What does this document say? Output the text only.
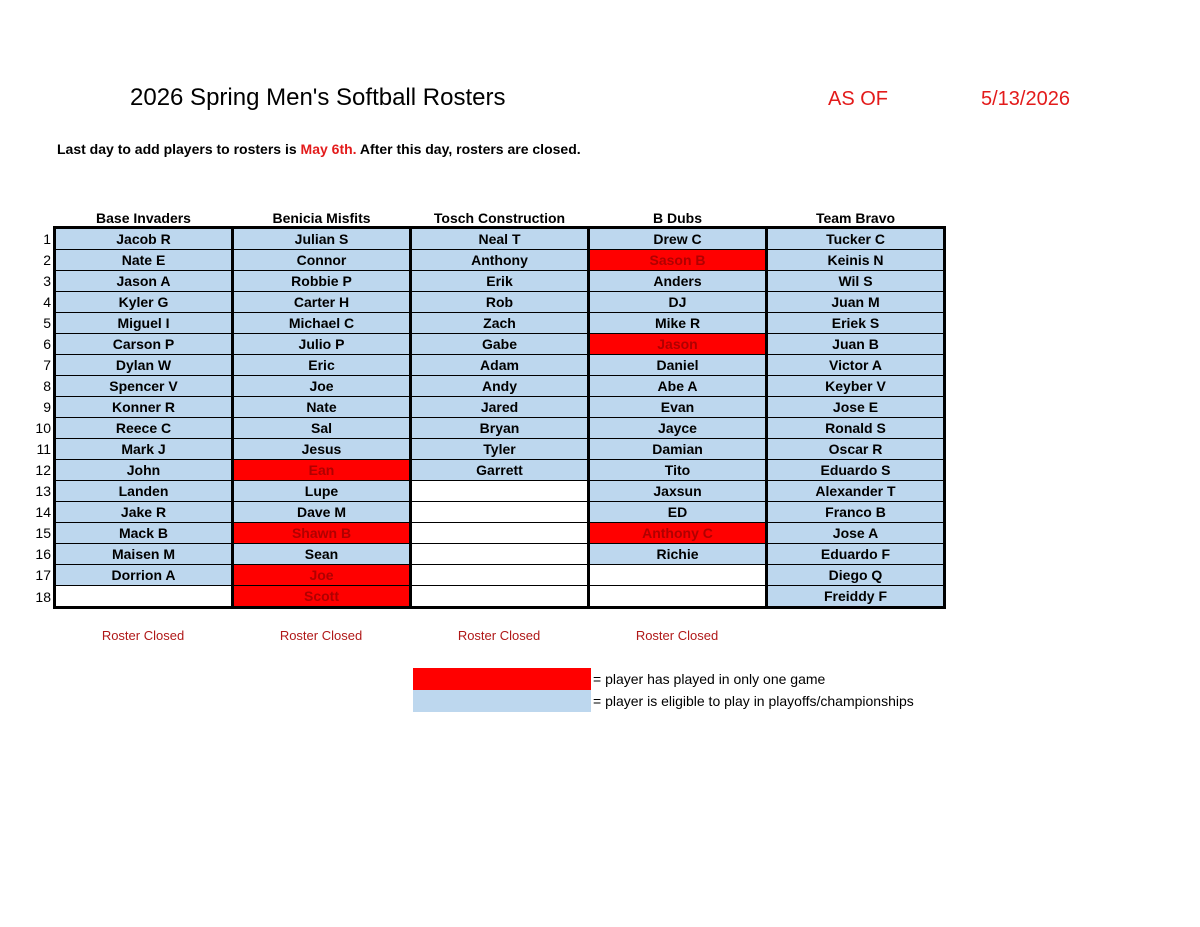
2026 Spring Men's Softball Rosters	AS OF	5/13/2026
Last day to add players to rosters is May 6th. After this day, rosters are closed.
	Base Invaders	Benicia Misfits	Tosch Construction	B Dubs	Team Bravo
1	Jacob R	Julian S	Neal T	Drew C	Tucker C
2	Nate E	Connor	Anthony	Sason B	Keinis N
3	Jason A	Robbie P	Erik	Anders	Wil S
4	Kyler G	Carter H	Rob	DJ	Juan M
5	Miguel I	Michael C	Zach	Mike R	Eriek S
6	Carson P	Julio P	Gabe	Jason	Juan B
7	Dylan W	Eric	Adam	Daniel	Victor A
8	Spencer V	Joe	Andy	Abe A	Keyber V
9	Konner R	Nate	Jared	Evan	Jose E
10	Reece C	Sal	Bryan	Jayce	Ronald S
11	Mark J	Jesus	Tyler	Damian	Oscar R
12	John	Ean	Garrett	Tito	Eduardo S
13	Landen	Lupe		Jaxsun	Alexander T
14	Jake R	Dave M		ED	Franco B
15	Mack B	Shawn B		Anthony C	Jose A
16	Maisen M	Sean		Richie	Eduardo F
17	Dorrion A	Joe			Diego Q
18		Scott			Freiddy F
Roster Closed	Roster Closed	Roster Closed	Roster Closed
= player has played in only one game
= player is eligible to play in playoffs/championships
